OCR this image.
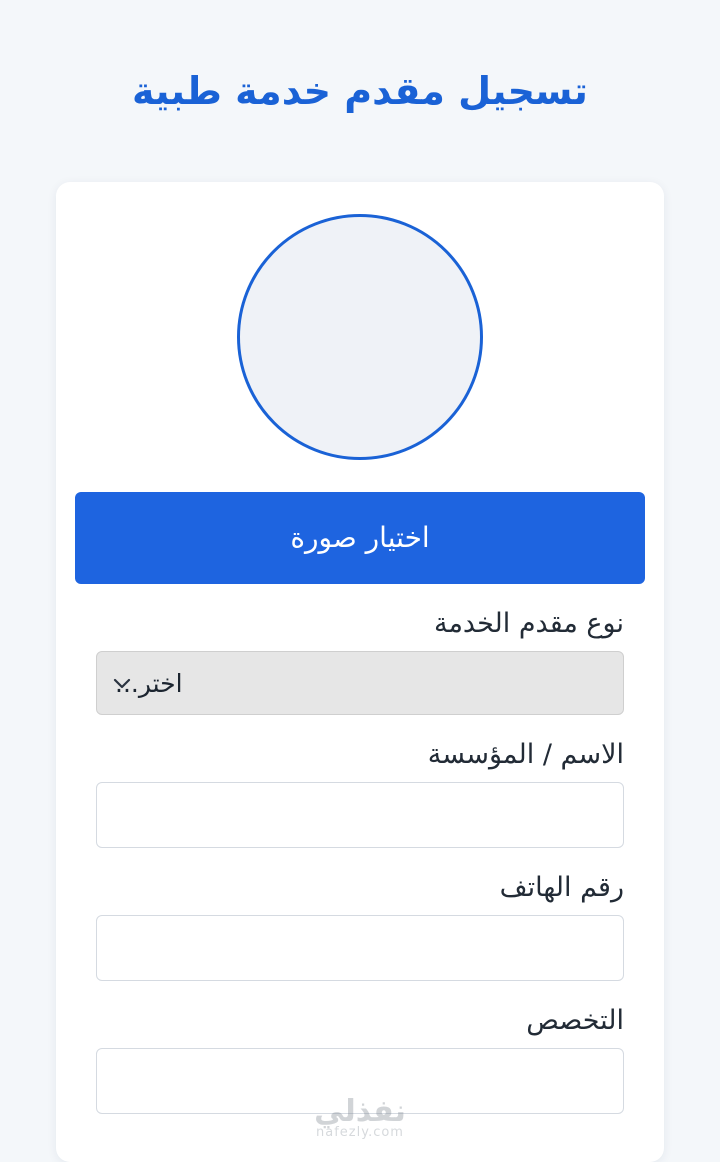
تسجيل مقدم خدمة طبية
اختيار صورة
نوع مقدم الخدمة
اختر...
الاسم / المؤسسة
رقم الهاتف
التخصص
نفذلي
nafezly.com
